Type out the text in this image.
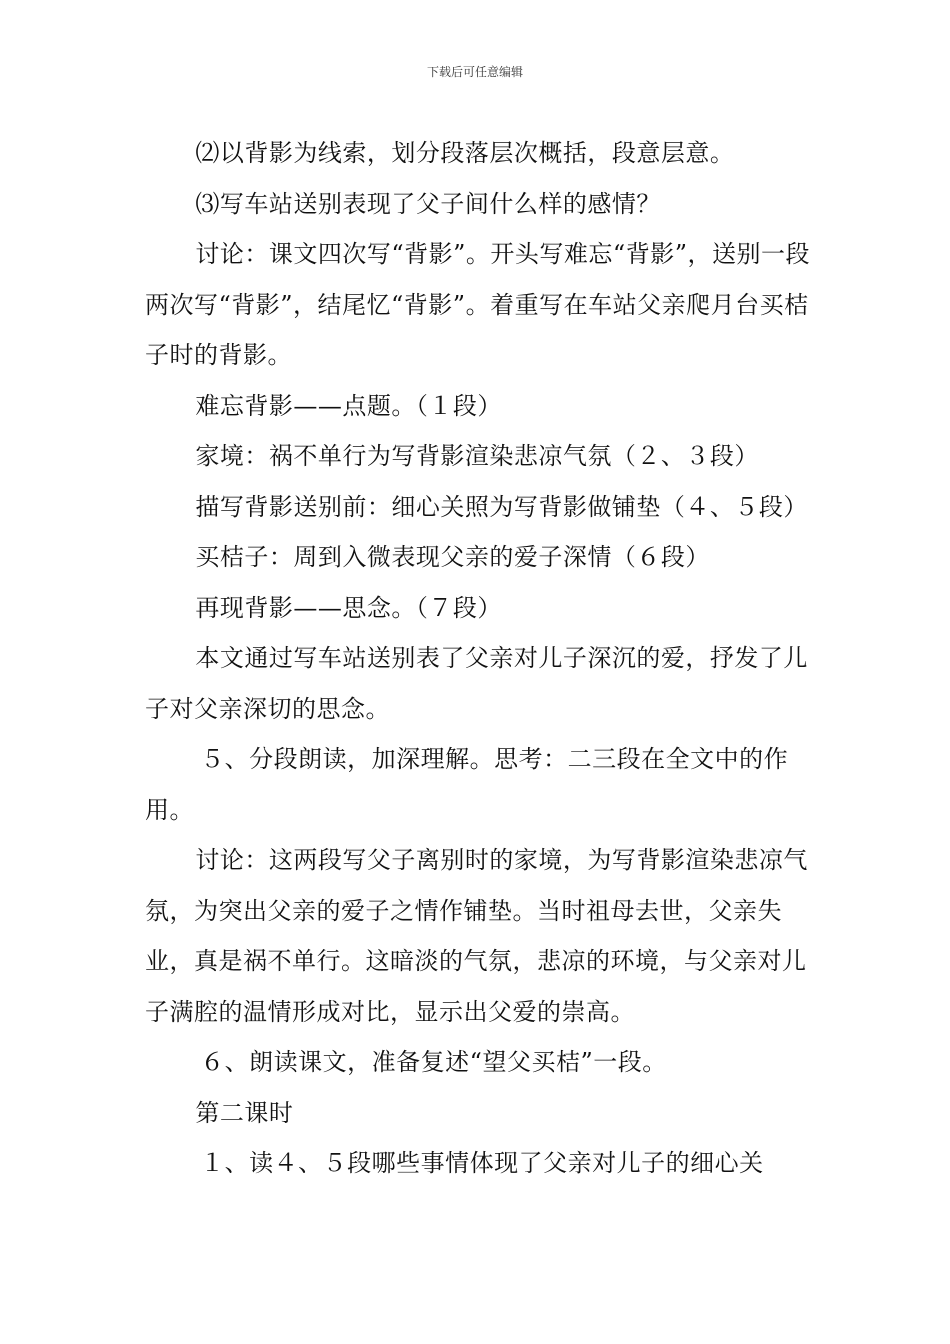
下载后可任意编辑

⑵以背影为线索，划分段落层次概括，段意层意。

⑶写车站送别表现了父子间什么样的感情？

讨论：课文四次写“背影”。开头写难忘“背影”，送别一段两次写“背影”，结尾忆“背影”。着重写在车站父亲爬月台买桔子时的背影。

难忘背影——点题。（１段）

家境：祸不单行为写背影渲染悲凉气氛（２、３段）

描写背影送别前：细心关照为写背影做铺垫（４、５段）

买桔子：周到入微表现父亲的爱子深情（６段）

再现背影——思念。（７段）

本文通过写车站送别表了父亲对儿子深沉的爱，抒发了儿子对父亲深切的思念。

５、分段朗读，加深理解。思考：二三段在全文中的作用。

讨论：这两段写父子离别时的家境，为写背影渲染悲凉气氛，为突出父亲的爱子之情作铺垫。当时祖母去世，父亲失业，真是祸不单行。这暗淡的气氛，悲凉的环境，与父亲对儿子满腔的温情形成对比，显示出父爱的崇高。

６、朗读课文，准备复述“望父买桔”一段。

第二课时

１、读４、５段哪些事情体现了父亲对儿子的细心关
